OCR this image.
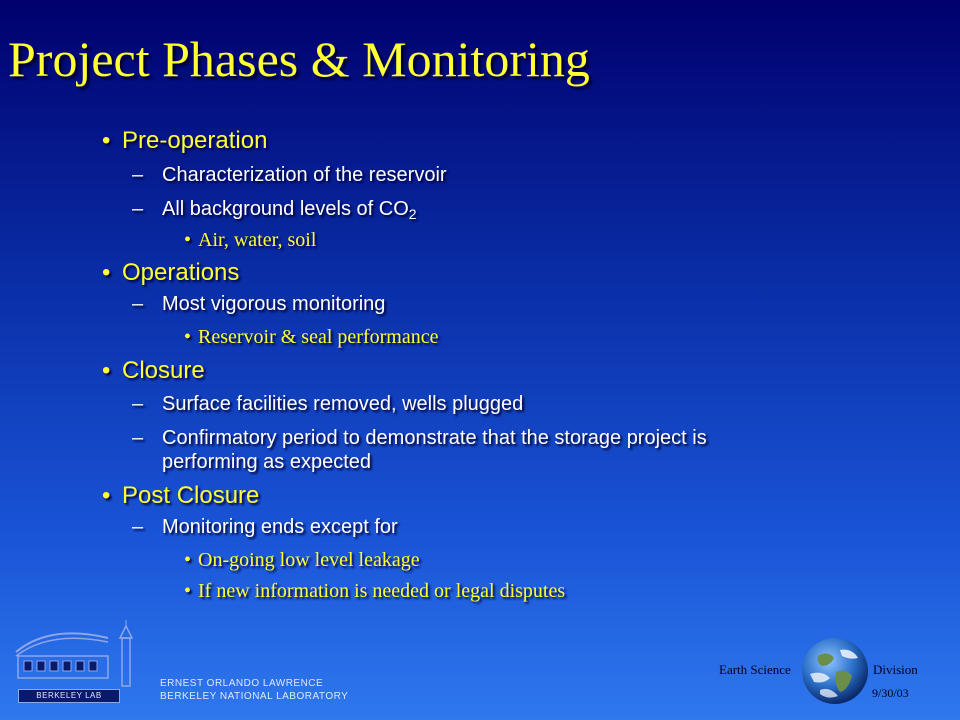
Project Phases & Monitoring
• Pre-operation
– Characterization of the reservoir
– All background levels of $CO_2$
• Air, water, soil
• Operations
– Most vigorous monitoring
• Reservoir & seal performance
• Closure
– Surface facilities removed, wells plugged
– Confirmatory period to demonstrate that the storage project is
performing as expected
• Post Closure
– Monitoring ends except for
• On-going low level leakage
• If new information is needed or legal disputes
BERKELEY LAB
ERNEST ORLANDO LAWRENCE
BERKELEY NATIONAL LABORATORY
Earth Science	Division
9/30/03
